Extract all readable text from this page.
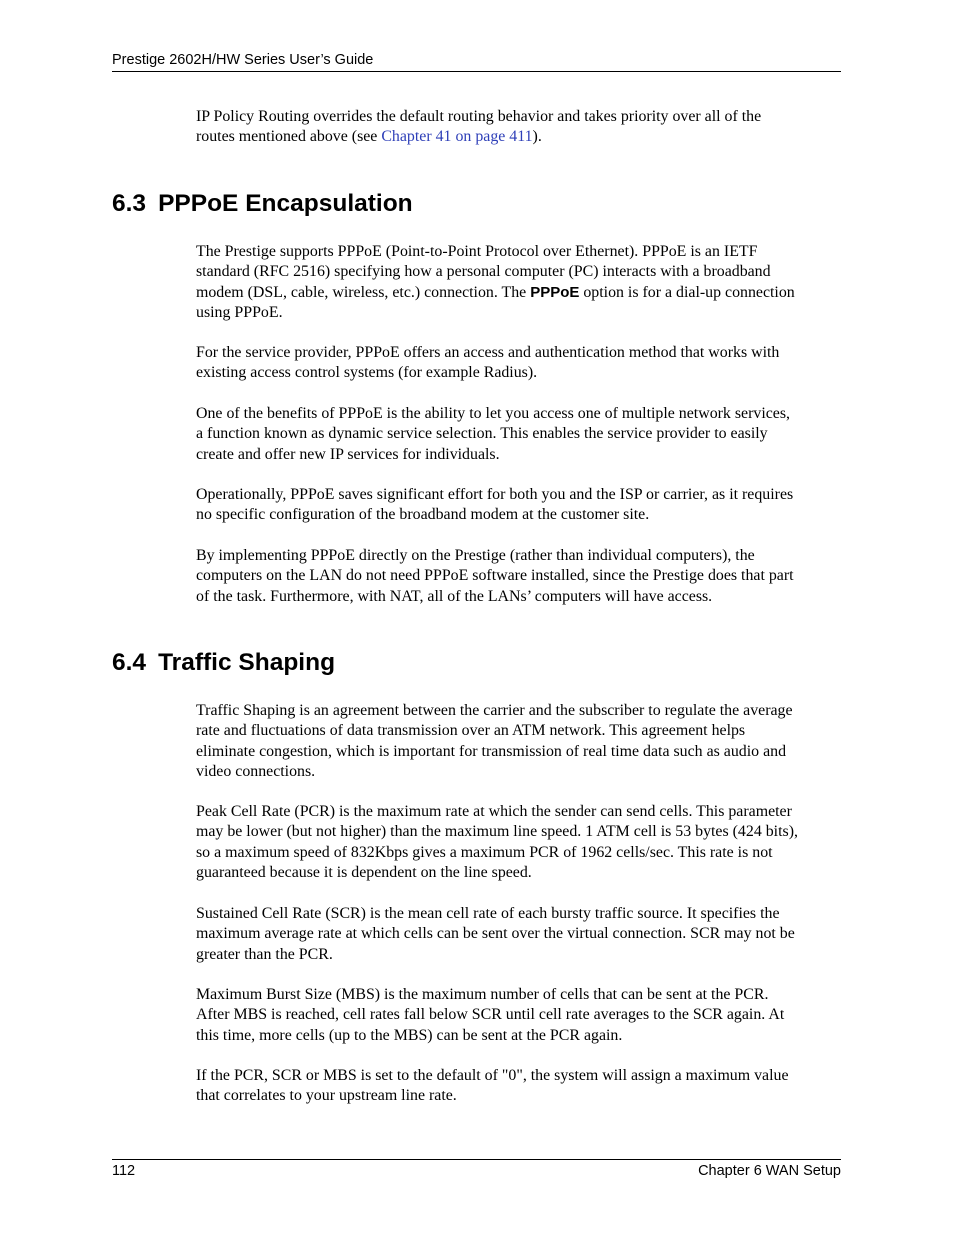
Prestige 2602H/HW Series User’s Guide
IP Policy Routing overrides the default routing behavior and takes priority over all of the
routes mentioned above (see Chapter 41 on page 411).
6.3 PPPoE Encapsulation
The Prestige supports PPPoE (Point-to-Point Protocol over Ethernet). PPPoE is an IETF
standard (RFC 2516) specifying how a personal computer (PC) interacts with a broadband
modem (DSL, cable, wireless, etc.) connection. The PPPoE option is for a dial-up connection
using PPPoE.
For the service provider, PPPoE offers an access and authentication method that works with
existing access control systems (for example Radius).
One of the benefits of PPPoE is the ability to let you access one of multiple network services,
a function known as dynamic service selection. This enables the service provider to easily
create and offer new IP services for individuals.
Operationally, PPPoE saves significant effort for both you and the ISP or carrier, as it requires
no specific configuration of the broadband modem at the customer site.
By implementing PPPoE directly on the Prestige (rather than individual computers), the
computers on the LAN do not need PPPoE software installed, since the Prestige does that part
of the task. Furthermore, with NAT, all of the LANs’ computers will have access.
6.4 Traffic Shaping
Traffic Shaping is an agreement between the carrier and the subscriber to regulate the average
rate and fluctuations of data transmission over an ATM network. This agreement helps
eliminate congestion, which is important for transmission of real time data such as audio and
video connections.
Peak Cell Rate (PCR) is the maximum rate at which the sender can send cells. This parameter
may be lower (but not higher) than the maximum line speed. 1 ATM cell is 53 bytes (424 bits),
so a maximum speed of 832Kbps gives a maximum PCR of 1962 cells/sec. This rate is not
guaranteed because it is dependent on the line speed.
Sustained Cell Rate (SCR) is the mean cell rate of each bursty traffic source. It specifies the
maximum average rate at which cells can be sent over the virtual connection. SCR may not be
greater than the PCR.
Maximum Burst Size (MBS) is the maximum number of cells that can be sent at the PCR.
After MBS is reached, cell rates fall below SCR until cell rate averages to the SCR again. At
this time, more cells (up to the MBS) can be sent at the PCR again.
If the PCR, SCR or MBS is set to the default of "0", the system will assign a maximum value
that correlates to your upstream line rate.
112	Chapter 6 WAN Setup
